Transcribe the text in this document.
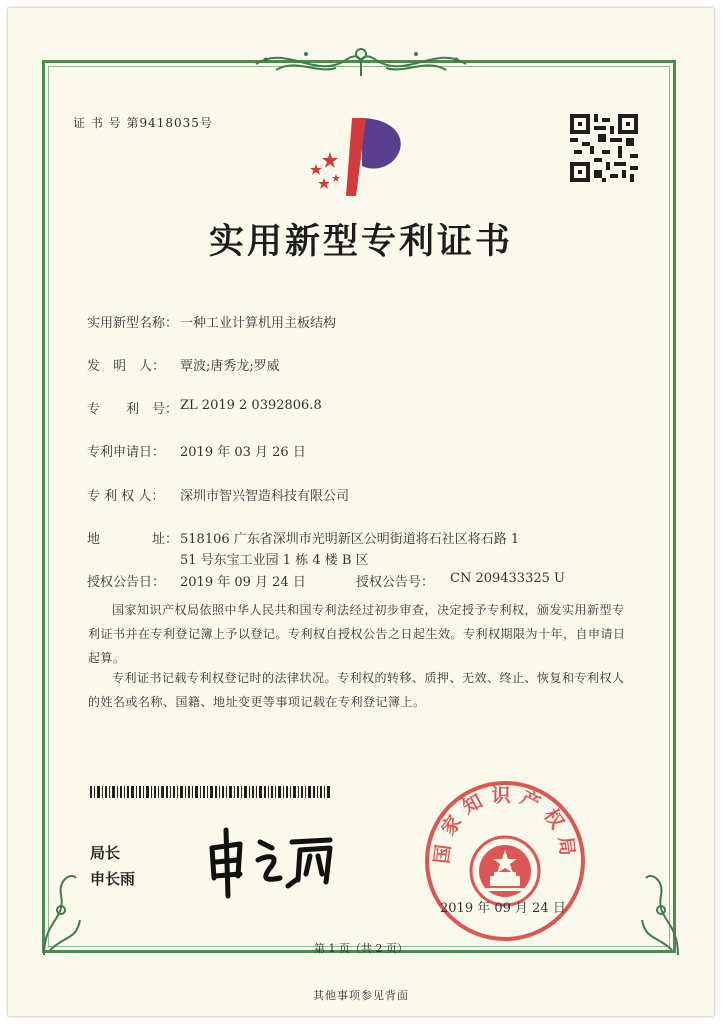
证 书 号 第9418035号
实用新型专利证书
实用新型名称： 一种工业计算机用主板结构
发　明　人： 覃波;唐秀龙;罗威
专　　利　号： ZL 2019 2 0392806.8
专利申请日： 2019 年 03 月 26 日
专 利 权 人： 深圳市智兴智造科技有限公司
地　　　　址： 518106 广东省深圳市光明新区公明街道将石社区将石路 1
51 号东宝工业园 1 栋 4 楼 B 区
授权公告日： 2019 年 09 月 24 日	授权公告号： CN 209433325 U
国家知识产权局依照中华人民共和国专利法经过初步审查，决定授予专利权，颁发实用新型专利证书并在专利登记簿上予以登记。专利权自授权公告之日起生效。专利权期限为十年，自申请日起算。
专利证书记载专利权登记时的法律状况。专利权的转移、质押、无效、终止、恢复和专利权人的姓名或名称、国籍、地址变更等事项记载在专利登记簿上。
局长
申长雨
国家知识产权局
2019 年 09 月 24 日
第 1 页（共 2 页）
其他事项参见背面
